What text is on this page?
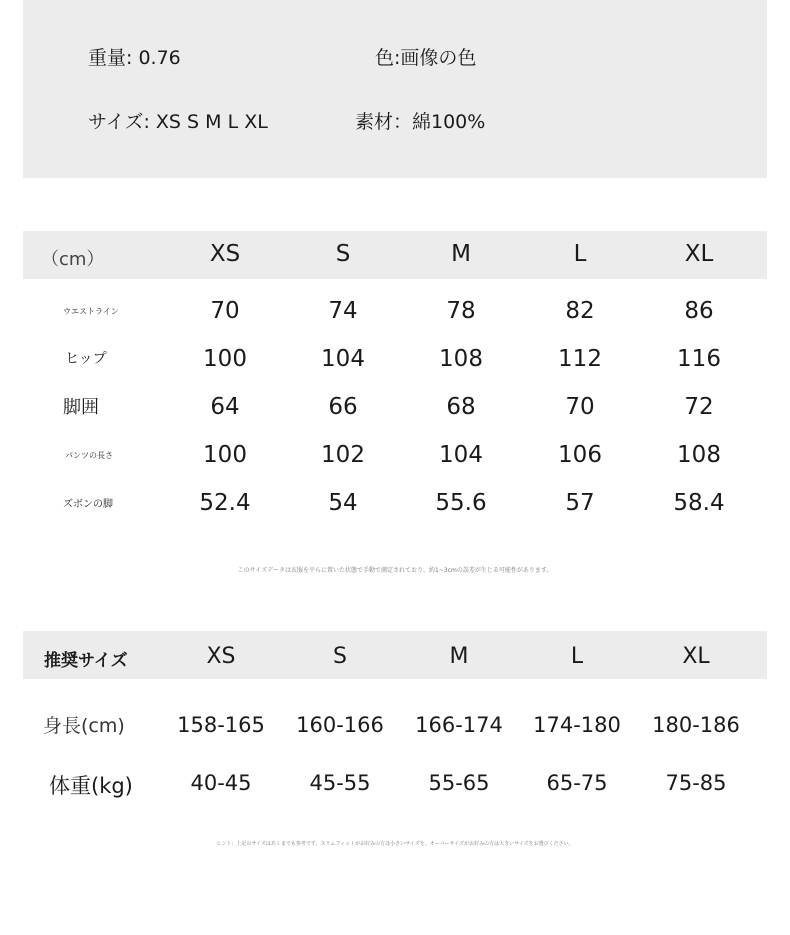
重量: 0.76	色:画像の色
サイズ: XS S M L XL	素材：綿100%
（cm）	XS	S	M	L	XL
ウエストライン	70	74	78	82	86
ヒップ	100	104	108	112	116
脚囲	64	66	68	70	72
パンツの長さ	100	102	104	106	108
ズボンの脚	52.4	54	55.6	57	58.4
このサイズデータは衣服を平らに置いた状態で手動で測定されており、約1~3cmの誤差が生じる可能性があります。
推奨サイズ	XS	S	M	L	XL
身長(cm)	158-165	160-166	166-174	174-180	180-186
体重(kg)	40-45	45-55	55-65	65-75	75-85
ヒント：上記のサイズはあくまでも参考です。スリムフィットがお好みの方は小さいサイズを、オーバーサイズがお好みの方は大きいサイズをお選びください。
